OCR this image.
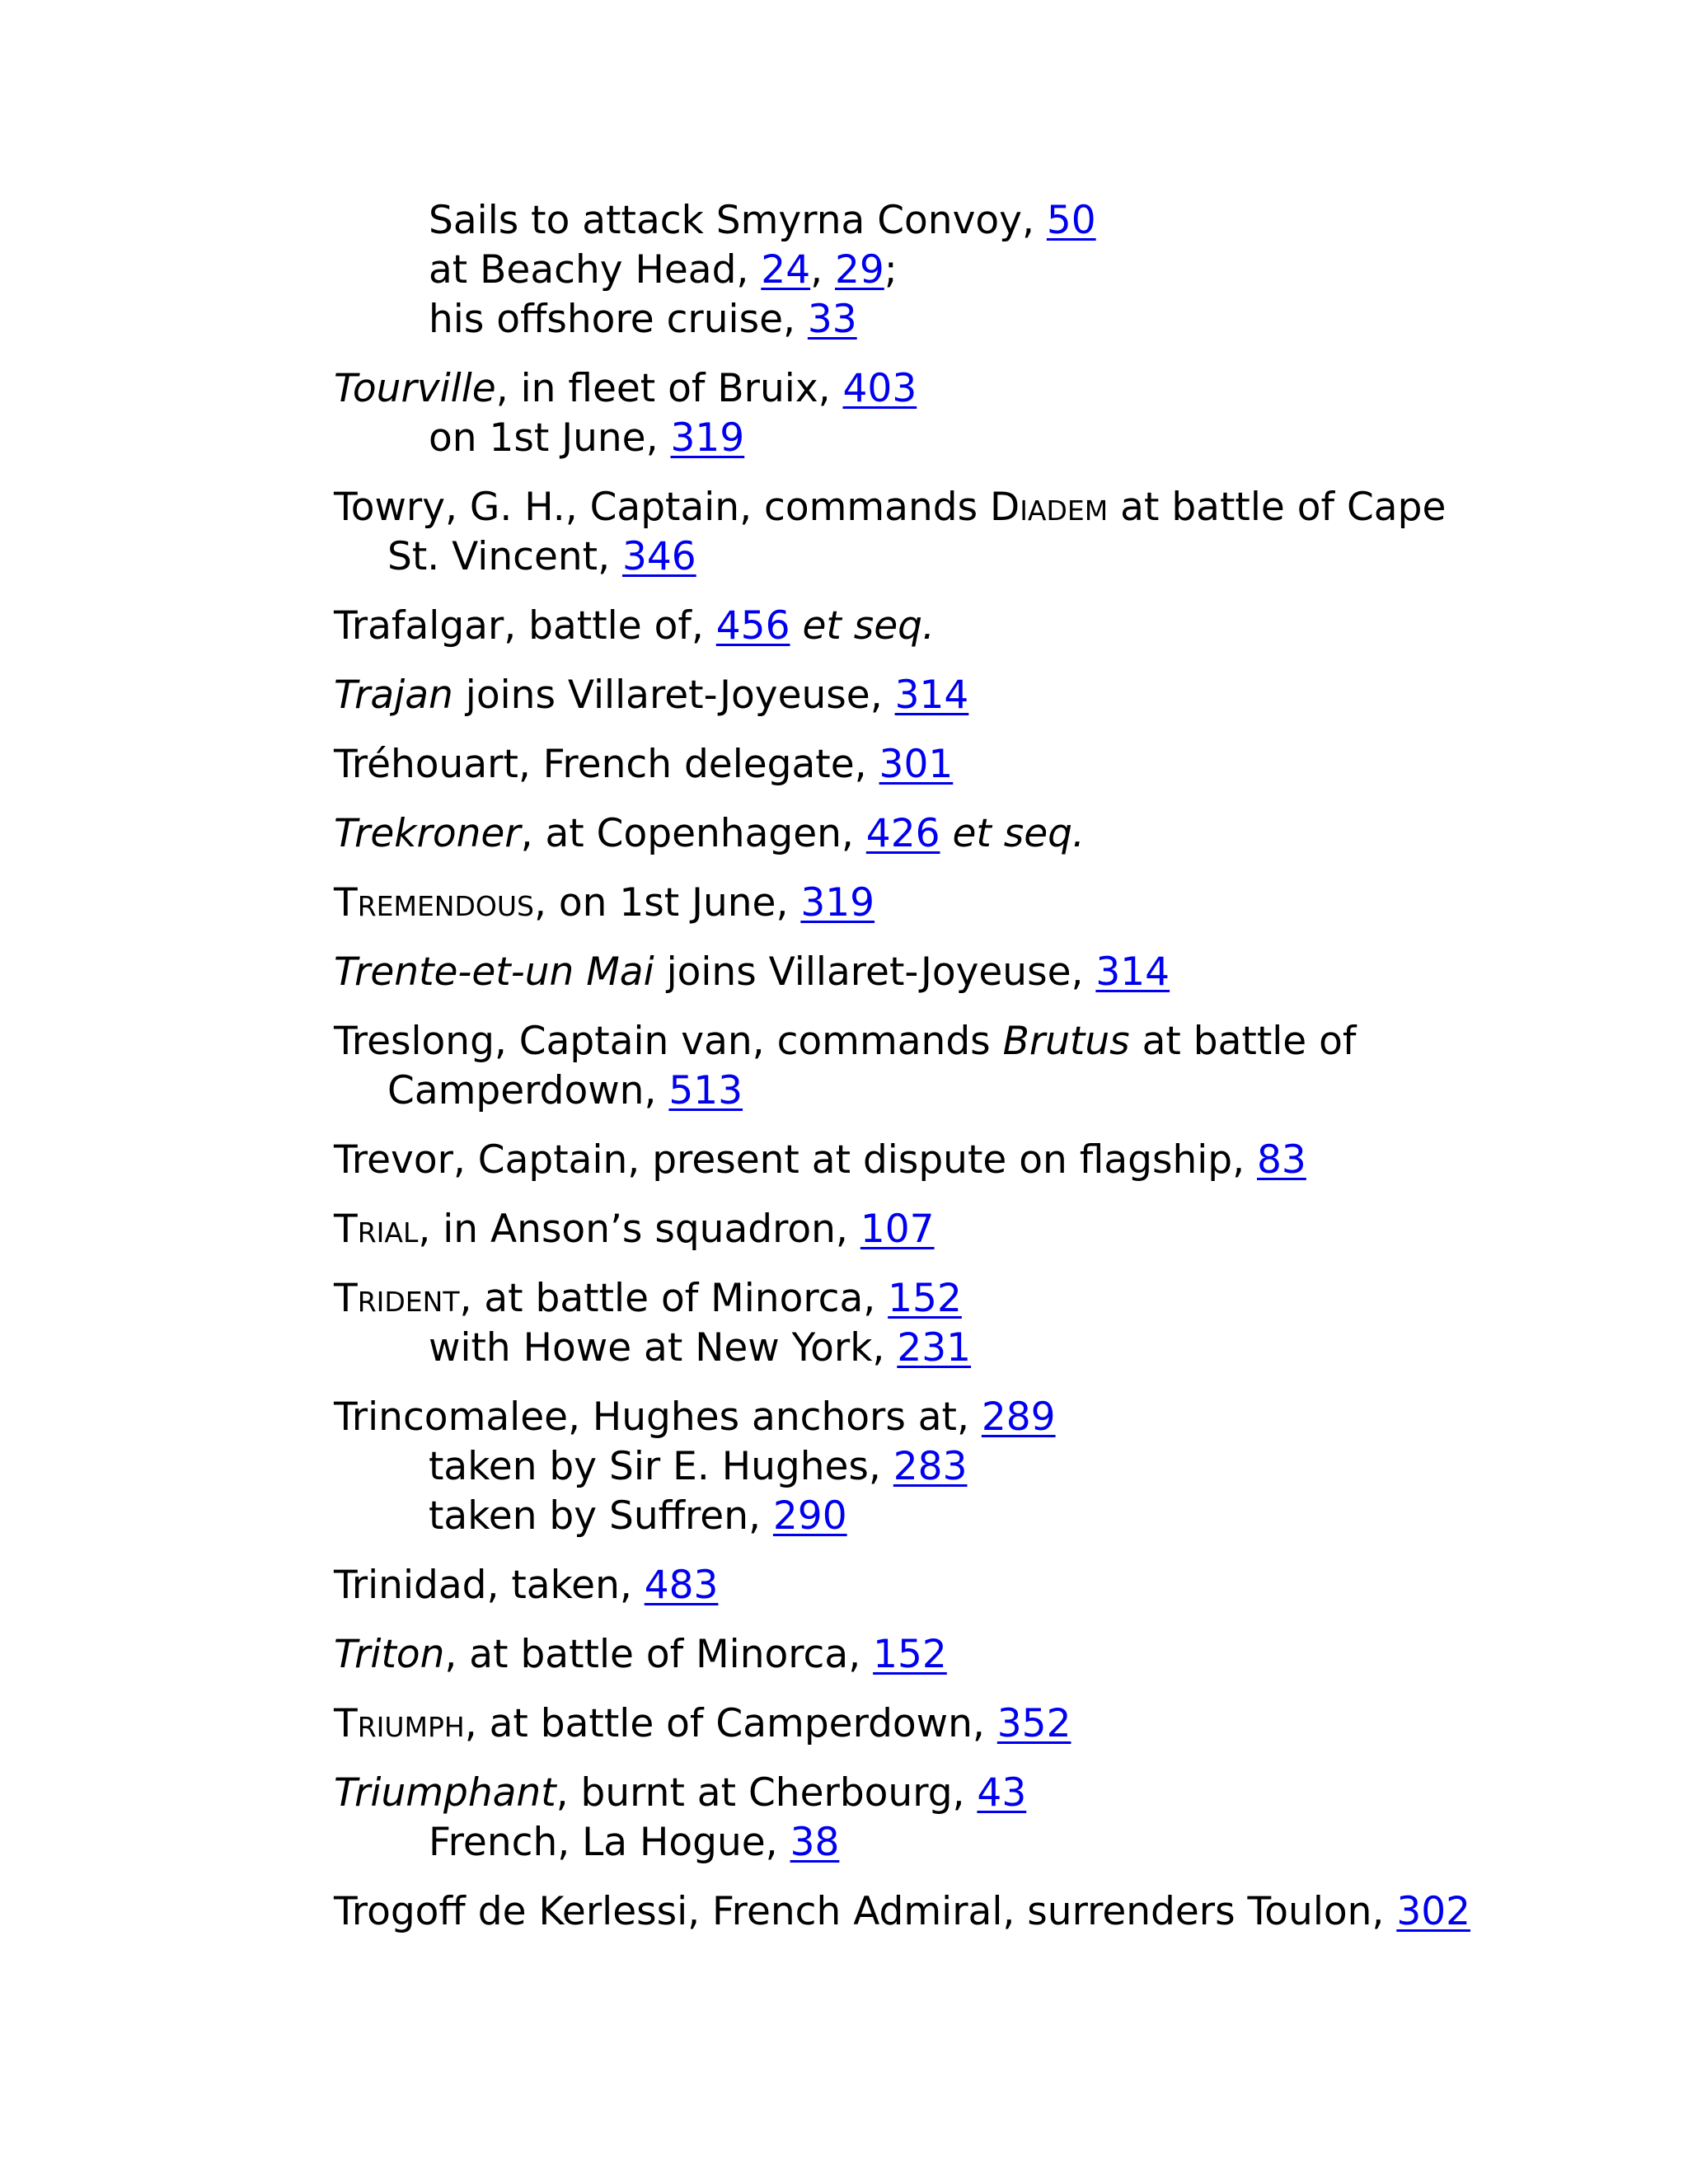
Sails to attack Smyrna Convoy, 50
at Beachy Head, 24, 29;
his offshore cruise, 33
Tourville, in fleet of Bruix, 403
on 1st June, 319
Towry, G. H., Captain, commands Diadem at battle of Cape
St. Vincent, 346
Trafalgar, battle of, 456 et seq.
Trajan joins Villaret-Joyeuse, 314
Tréhouart, French delegate, 301
Trekroner, at Copenhagen, 426 et seq.
Tremendous, on 1st June, 319
Trente-et-un Mai joins Villaret-Joyeuse, 314
Treslong, Captain van, commands Brutus at battle of
Camperdown, 513
Trevor, Captain, present at dispute on flagship, 83
Trial, in Anson’s squadron, 107
Trident, at battle of Minorca, 152
with Howe at New York, 231
Trincomalee, Hughes anchors at, 289
taken by Sir E. Hughes, 283
taken by Suffren, 290
Trinidad, taken, 483
Triton, at battle of Minorca, 152
Triumph, at battle of Camperdown, 352
Triumphant, burnt at Cherbourg, 43
French, La Hogue, 38
Trogoff de Kerlessi, French Admiral, surrenders Toulon, 302
